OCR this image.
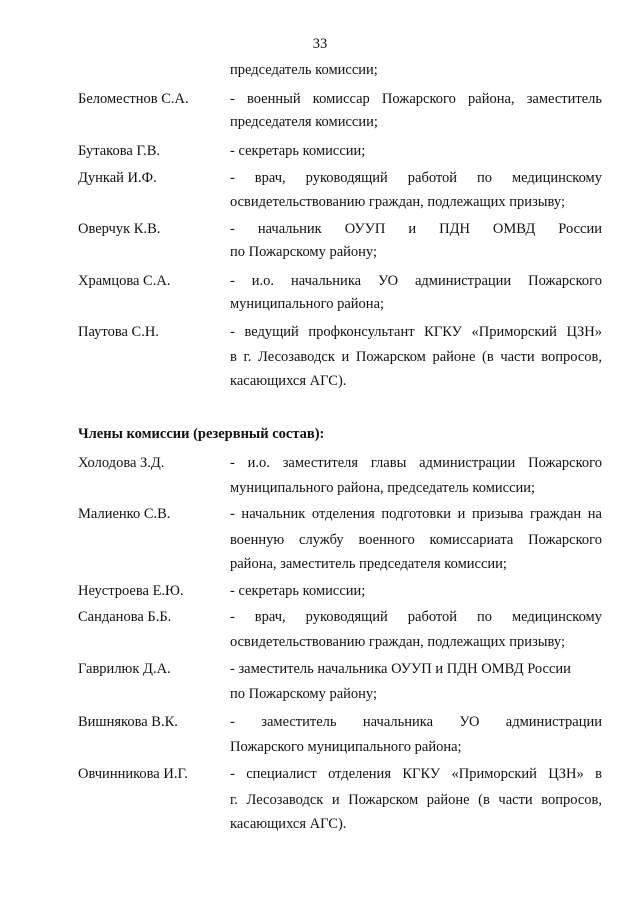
33
председатель комиссии;
Беломестнов С.А.	- военный комиссар Пожарского района, заместитель
председателя комиссии;
Бутакова Г.В.	- секретарь комиссии;
Дункай И.Ф.	- врач, руководящий работой по медицинскому
освидетельствованию граждан, подлежащих призыву;
Оверчук К.В.	- начальник ОУУП и ПДН ОМВД России
по Пожарскому району;
Храмцова С.А.	- и.о. начальника УО администрации Пожарского
муниципального района;
Паутова С.Н.	- ведущий профконсультант КГКУ «Приморский ЦЗН»
в г. Лесозаводск и Пожарском районе (в части вопросов,
касающихся АГС).
Члены комиссии (резервный состав):
Холодова З.Д.	- и.о. заместителя главы администрации Пожарского
муниципального района, председатель комиссии;
Малиенко С.В.	- начальник отделения подготовки и призыва граждан на
военную службу военного комиссариата Пожарского
района, заместитель председателя комиссии;
Неустроева Е.Ю.	- секретарь комиссии;
Санданова Б.Б.	- врач, руководящий работой по медицинскому
освидетельствованию граждан, подлежащих призыву;
Гаврилюк Д.А.	- заместитель начальника ОУУП и ПДН ОМВД России
по Пожарскому району;
Вишнякова В.К.	- заместитель начальника УО администрации
Пожарского муниципального района;
Овчинникова И.Г.	- специалист отделения КГКУ «Приморский ЦЗН» в
г. Лесозаводск и Пожарском районе (в части вопросов,
касающихся АГС).
